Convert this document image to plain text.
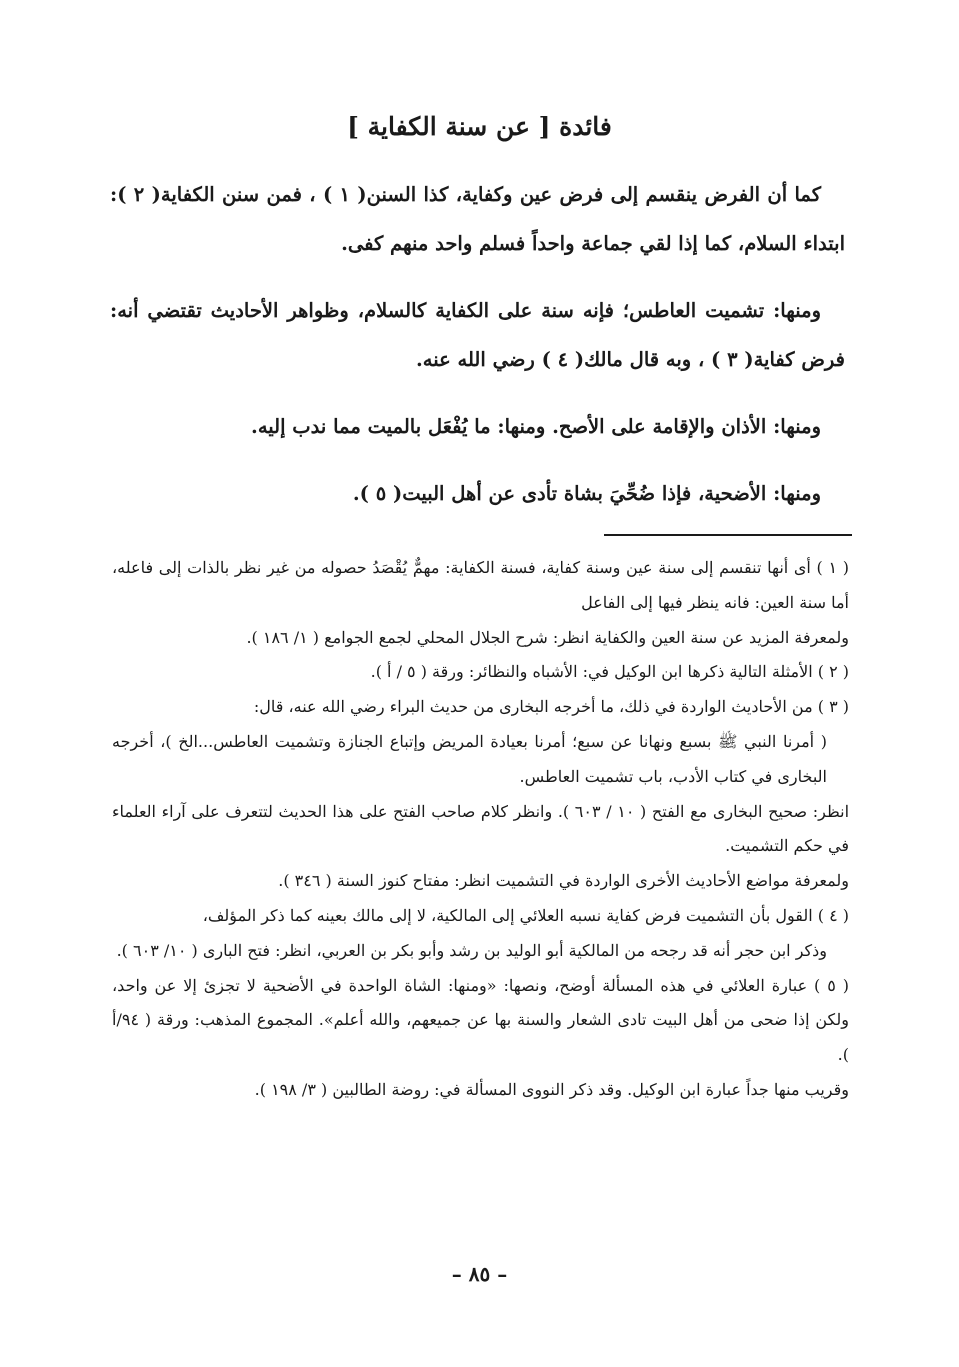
فائدة [ عن سنة الكفاية ]

كما أن الفرض ينقسم إلى فرض عين وكفاية، كذا السنن( ١ ) ، فمن سنن الكفاية( ٢ ): ابتداء السلام، كما إذا لقي جماعة واحداً فسلم واحد منهم كفى.

ومنها: تشميت العاطس؛ فإنه سنة على الكفاية كالسلام، وظواهر الأحاديث تقتضي أنه: فرض كفاية( ٣ ) ، وبه قال مالك( ٤ ) رضي الله عنه.

ومنها: الأذان والإقامة على الأصح. ومنها: ما يُفْعَل بالميت مما ندب إليه.

ومنها: الأضحية، فإذا ضُحِّيَ بشاة تأدى عن أهل البيت( ٥ ).

( ١ ) أى أنها تنقسم إلى سنة عين وسنة كفاية، فسنة الكفاية: مهمٌّ يُقْصَدُ حصوله من غير نظر بالذات إلى فاعله، أما سنة العين: فانه ينظر فيها إلى الفاعل

ولمعرفة المزيد عن سنة العين والكفاية انظر: شرح الجلال المحلي لجمع الجوامع ( ١/ ١٨٦ ).

( ٢ ) الأمثلة التالية ذكرها ابن الوكيل في: الأشباه والنظائر: ورقة ( ٥ / أ ).

( ٣ ) من الأحاديث الواردة في ذلك، ما أخرجه البخارى من حديث البراء رضي الله عنه، قال:

( أمرنا النبي ﷺ بسبع ونهانا عن سبع؛ أمرنا بعيادة المريض وإتباع الجنازة وتشميت العاطس...الخ )، أخرجه البخارى في كتاب الأدب، باب تشميت العاطس.

انظر: صحيح البخارى مع الفتح ( ١٠ / ٦٠٣ ). وانظر كلام صاحب الفتح على هذا الحديث لتتعرف على آراء العلماء في حكم التشميت.

ولمعرفة مواضع الأحاديث الأخرى الواردة في التشميت انظر: مفتاح كنوز السنة ( ٣٤٦ ).

( ٤ ) القول بأن التشميت فرض كفاية نسبه العلائي إلى المالكية، لا إلى مالك بعينه كما ذكر المؤلف،

وذكر ابن حجر أنه قد رجحه من المالكية أبو الوليد بن رشد وأبو بكر بن العربي، انظر: فتح البارى ( ١٠/ ٦٠٣ ).

( ٥ ) عبارة العلائي في هذه المسألة أوضح، ونصها: «ومنها: الشاة الواحدة في الأضحية لا تجزئ إلا عن واحد، ولكن إذا ضحى من أهل البيت تادى الشعار والسنة بها عن جميعهم، والله أعلم». المجموع المذهب: ورقة ( ٩٤/أ ).

وقريب منها جداً عبارة ابن الوكيل. وقد ذكر النووى المسألة في: روضة الطالبين ( ٣/ ١٩٨ ).

– ٨٥ –
